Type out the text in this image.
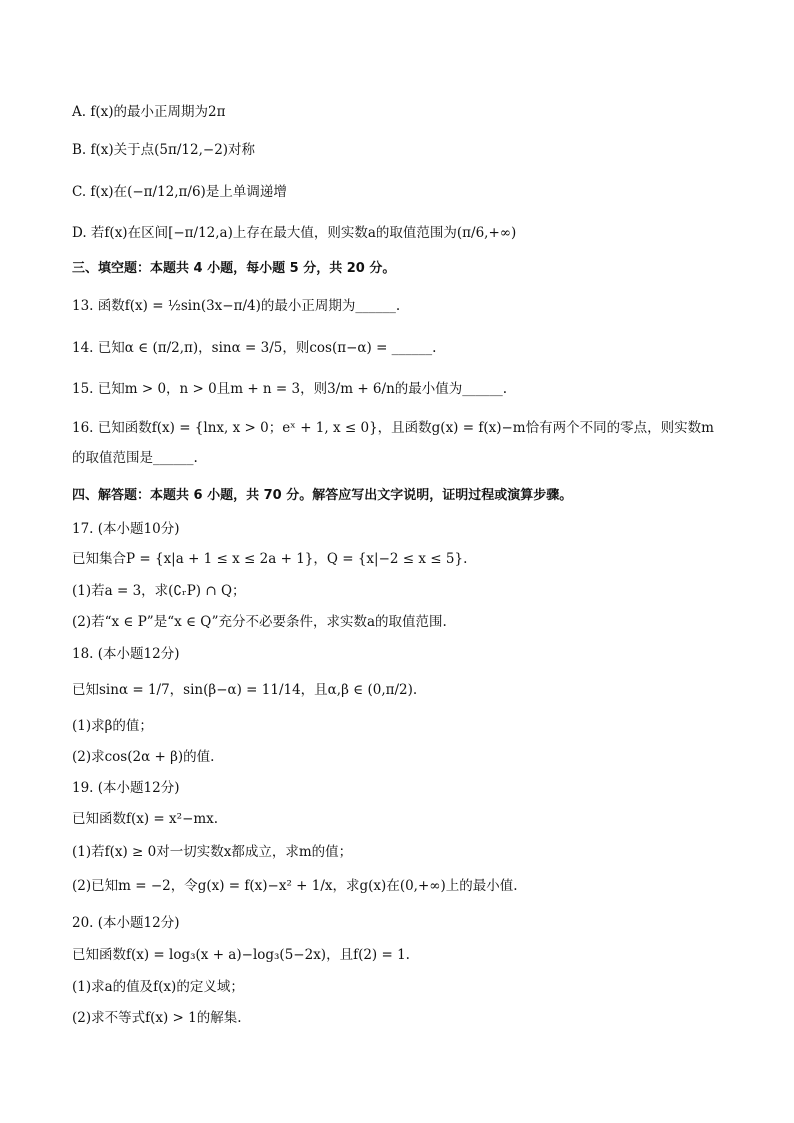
A. f(x)的最小正周期为2π
B. f(x)关于点(5π/12,−2)对称
C. f(x)在(−π/12,π/6)是上单调递增
D. 若f(x)在区间[−π/12,a)上存在最大值，则实数a的取值范围为(π/6,+∞)
三、填空题：本题共 4 小题，每小题 5 分，共 20 分。
13. 函数f(x) = ½sin(3x−π/4)的最小正周期为______.
14. 已知α ∈ (π/2,π)，sinα = 3/5，则cos(π−α) = ______.
15. 已知m > 0，n > 0且m + n = 3，则3/m + 6/n的最小值为______.
16. 已知函数f(x) = {lnx, x > 0；eˣ + 1, x ≤ 0}，且函数g(x) = f(x)−m恰有两个不同的零点，则实数m的取值范围是______.
四、解答题：本题共 6 小题，共 70 分。解答应写出文字说明，证明过程或演算步骤。
17. (本小题10分)
已知集合P = {x|a + 1 ≤ x ≤ 2a + 1}，Q = {x|−2 ≤ x ≤ 5}.
(1)若a = 3，求(∁ᵣP) ∩ Q；
(2)若“x ∈ P”是“x ∈ Q”充分不必要条件，求实数a的取值范围.
18. (本小题12分)
已知sinα = 1/7，sin(β−α) = 11/14，且α,β ∈ (0,π/2).
(1)求β的值；
(2)求cos(2α + β)的值.
19. (本小题12分)
已知函数f(x) = x²−mx.
(1)若f(x) ≥ 0对一切实数x都成立，求m的值；
(2)已知m = −2，令g(x) = f(x)−x² + 1/x，求g(x)在(0,+∞)上的最小值.
20. (本小题12分)
已知函数f(x) = log₃(x + a)−log₃(5−2x)，且f(2) = 1.
(1)求a的值及f(x)的定义域；
(2)求不等式f(x) > 1的解集.
